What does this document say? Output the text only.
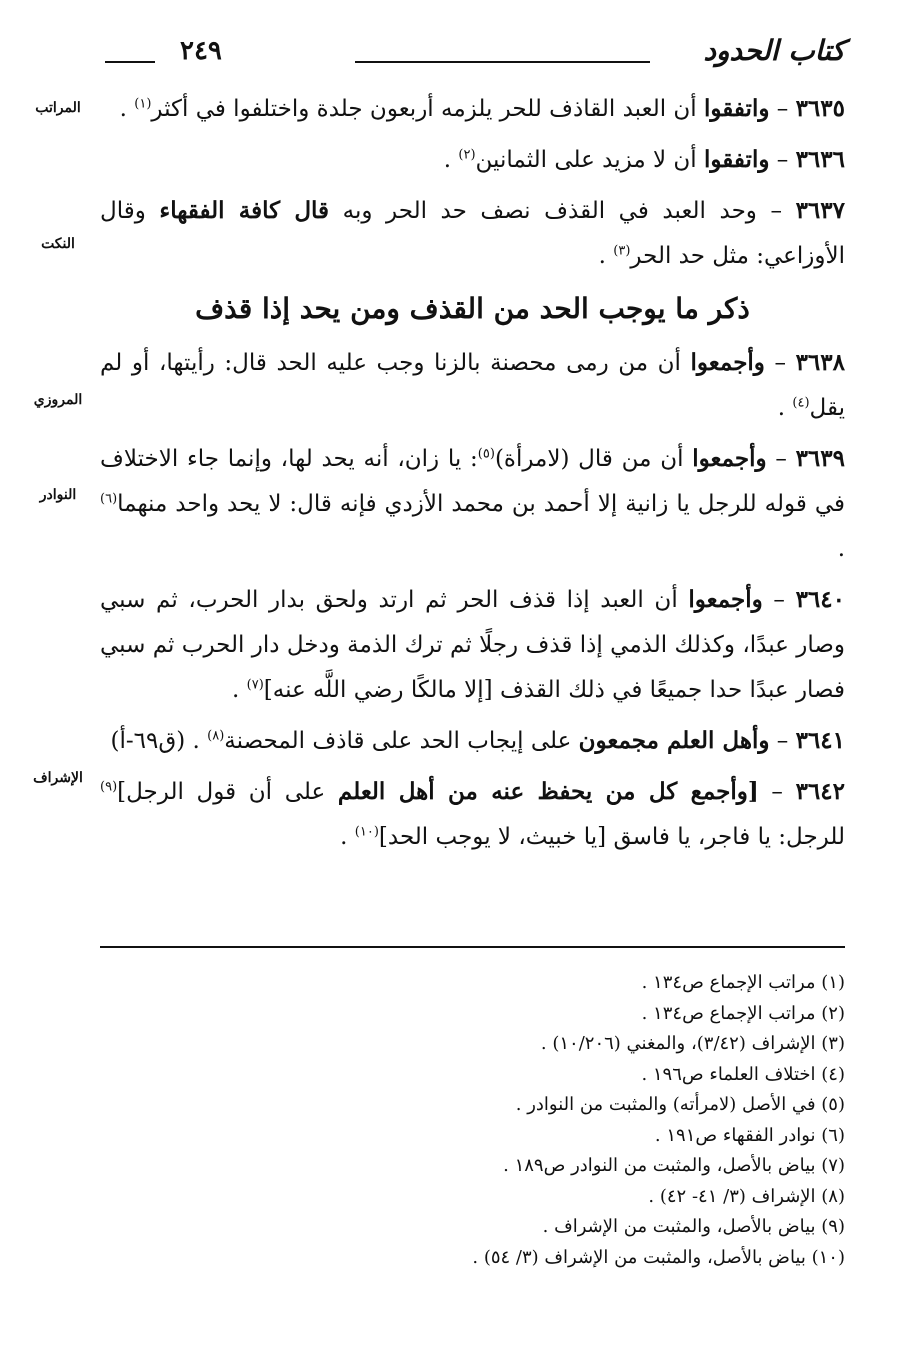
٢٤٩	كتاب الحدود
المراتب
النكت
المروزي
النوادر
الإشراف

٣٦٣٥ – واتفقوا أن العبد القاذف للحر يلزمه أربعون جلدة واختلفوا في أكثر$^{(١)}$ .

٣٦٣٦ – واتفقوا أن لا مزيد على الثمانين$^{(٢)}$ .

٣٦٣٧ – وحد العبد في القذف نصف حد الحر وبه قال كافة الفقهاء وقال الأوزاعي: مثل حد الحر$^{(٣)}$ .

ذكر ما يوجب الحد من القذف ومن يحد إذا قذف

٣٦٣٨ – وأجمعوا أن من رمى محصنة بالزنا وجب عليه الحد قال: رأيتها، أو لم يقل$^{(٤)}$ .

٣٦٣٩ – وأجمعوا أن من قال (لامرأة)$^{(٥)}$: يا زان، أنه يحد لها، وإنما جاء الاختلاف في قوله للرجل يا زانية إلا أحمد بن محمد الأزدي فإنه قال: لا يحد واحد منهما$^{(٦)}$ .

٣٦٤٠ – وأجمعوا أن العبد إذا قذف الحر ثم ارتد ولحق بدار الحرب، ثم سبي وصار عبدًا، وكذلك الذمي إذا قذف رجلًا ثم ترك الذمة ودخل دار الحرب ثم سبي فصار عبدًا حدا جميعًا في ذلك القذف [إلا مالكًا رضي اللَّه عنه]$^{(٧)}$ .

٣٦٤١ – وأهل العلم مجمعون على إيجاب الحد على قاذف المحصنة$^{(٨)}$ . (ق٦٩-أ)

٣٦٤٢ – [وأجمع كل من يحفظ عنه من أهل العلم على أن قول الرجل]$^{(٩)}$ للرجل: يا فاجر، يا فاسق [يا خبيث، لا يوجب الحد]$^{(١٠)}$ .

(١) مراتب الإجماع ص١٣٤ .
(٢) مراتب الإجماع ص١٣٤ .
(٣) الإشراف (٣/٤٢)، والمغني (١٠/٢٠٦) .
(٤) اختلاف العلماء ص١٩٦ .
(٥) في الأصل (لامرأته) والمثبت من النوادر .
(٦) نوادر الفقهاء ص١٩١ .
(٧) بياض بالأصل، والمثبت من النوادر ص١٨٩ .
(٨) الإشراف (٣/ ٤١- ٤٢) .
(٩) بياض بالأصل، والمثبت من الإشراف .
(١٠) بياض بالأصل، والمثبت من الإشراف (٣/ ٥٤) .
